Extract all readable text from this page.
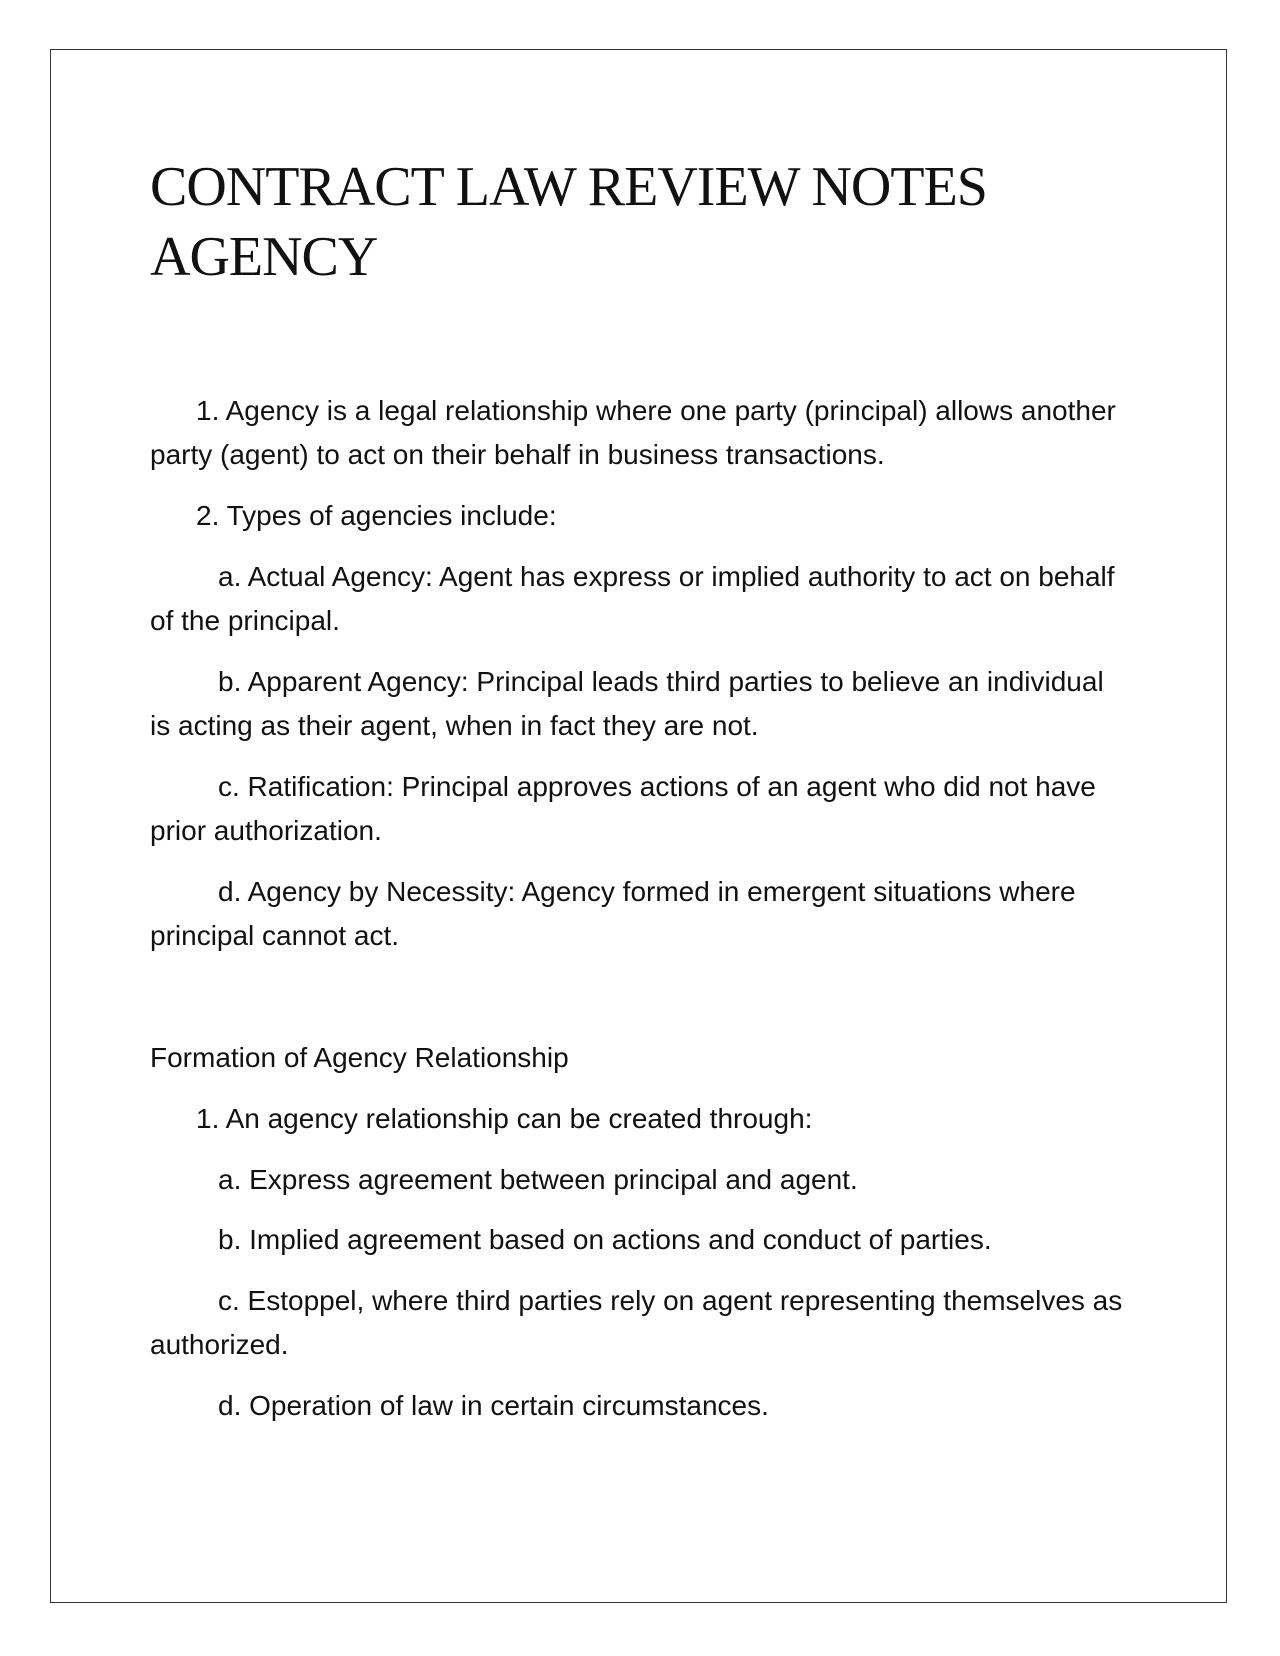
CONTRACT LAW REVIEW NOTES
AGENCY

1. Agency is a legal relationship where one party (principal) allows another party (agent) to act on their behalf in business transactions.

2. Types of agencies include:

a. Actual Agency: Agent has express or implied authority to act on behalf of the principal.

b. Apparent Agency: Principal leads third parties to believe an individual is acting as their agent, when in fact they are not.

c. Ratification: Principal approves actions of an agent who did not have prior authorization.

d. Agency by Necessity: Agency formed in emergent situations where principal cannot act.

Formation of Agency Relationship

1. An agency relationship can be created through:

a. Express agreement between principal and agent.

b. Implied agreement based on actions and conduct of parties.

c. Estoppel, where third parties rely on agent representing themselves as authorized.

d. Operation of law in certain circumstances.
